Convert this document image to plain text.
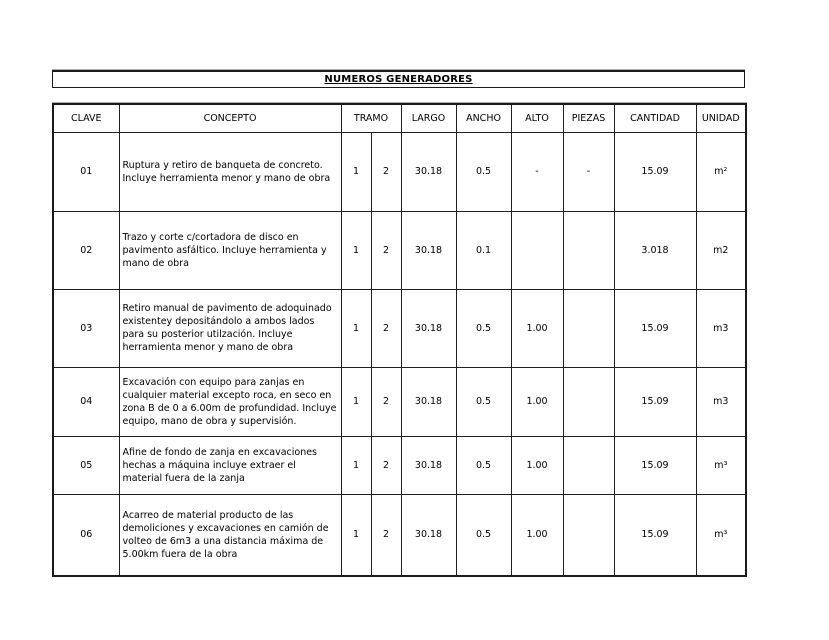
NUMEROS GENERADORES
CLAVE	CONCEPTO	TRAMO		LARGO	ANCHO	ALTO	PIEZAS	CANTIDAD	UNIDAD
01	Ruptura y retiro de banqueta de concreto. Incluye herramienta menor y mano de obra	1	2	30.18	0.5	-	-	15.09	m²
02	Trazo y corte c/cortadora de disco en pavimento asfáltico. Incluye herramienta y mano de obra	1	2	30.18	0.1			3.018	m2
03	Retiro manual de pavimento de adoquinado existentey depositándolo a ambos lados para su posterior utilzación. Incluye herramienta menor y mano de obra	1	2	30.18	0.5	1.00		15.09	m3
04	Excavación con equipo para zanjas en cualquier material excepto roca, en seco en zona B de 0 a 6.00m de profundidad. Incluye equipo, mano de obra y supervisión.	1	2	30.18	0.5	1.00		15.09	m3
05	Afine de fondo de zanja en excavaciones hechas a máquina incluye extraer el material fuera de la zanja	1	2	30.18	0.5	1.00		15.09	m³
06	Acarreo de material producto de las demoliciones y excavaciones en camión de volteo de 6m3 a una distancia máxima de 5.00km fuera de la obra	1	2	30.18	0.5	1.00		15.09	m³
